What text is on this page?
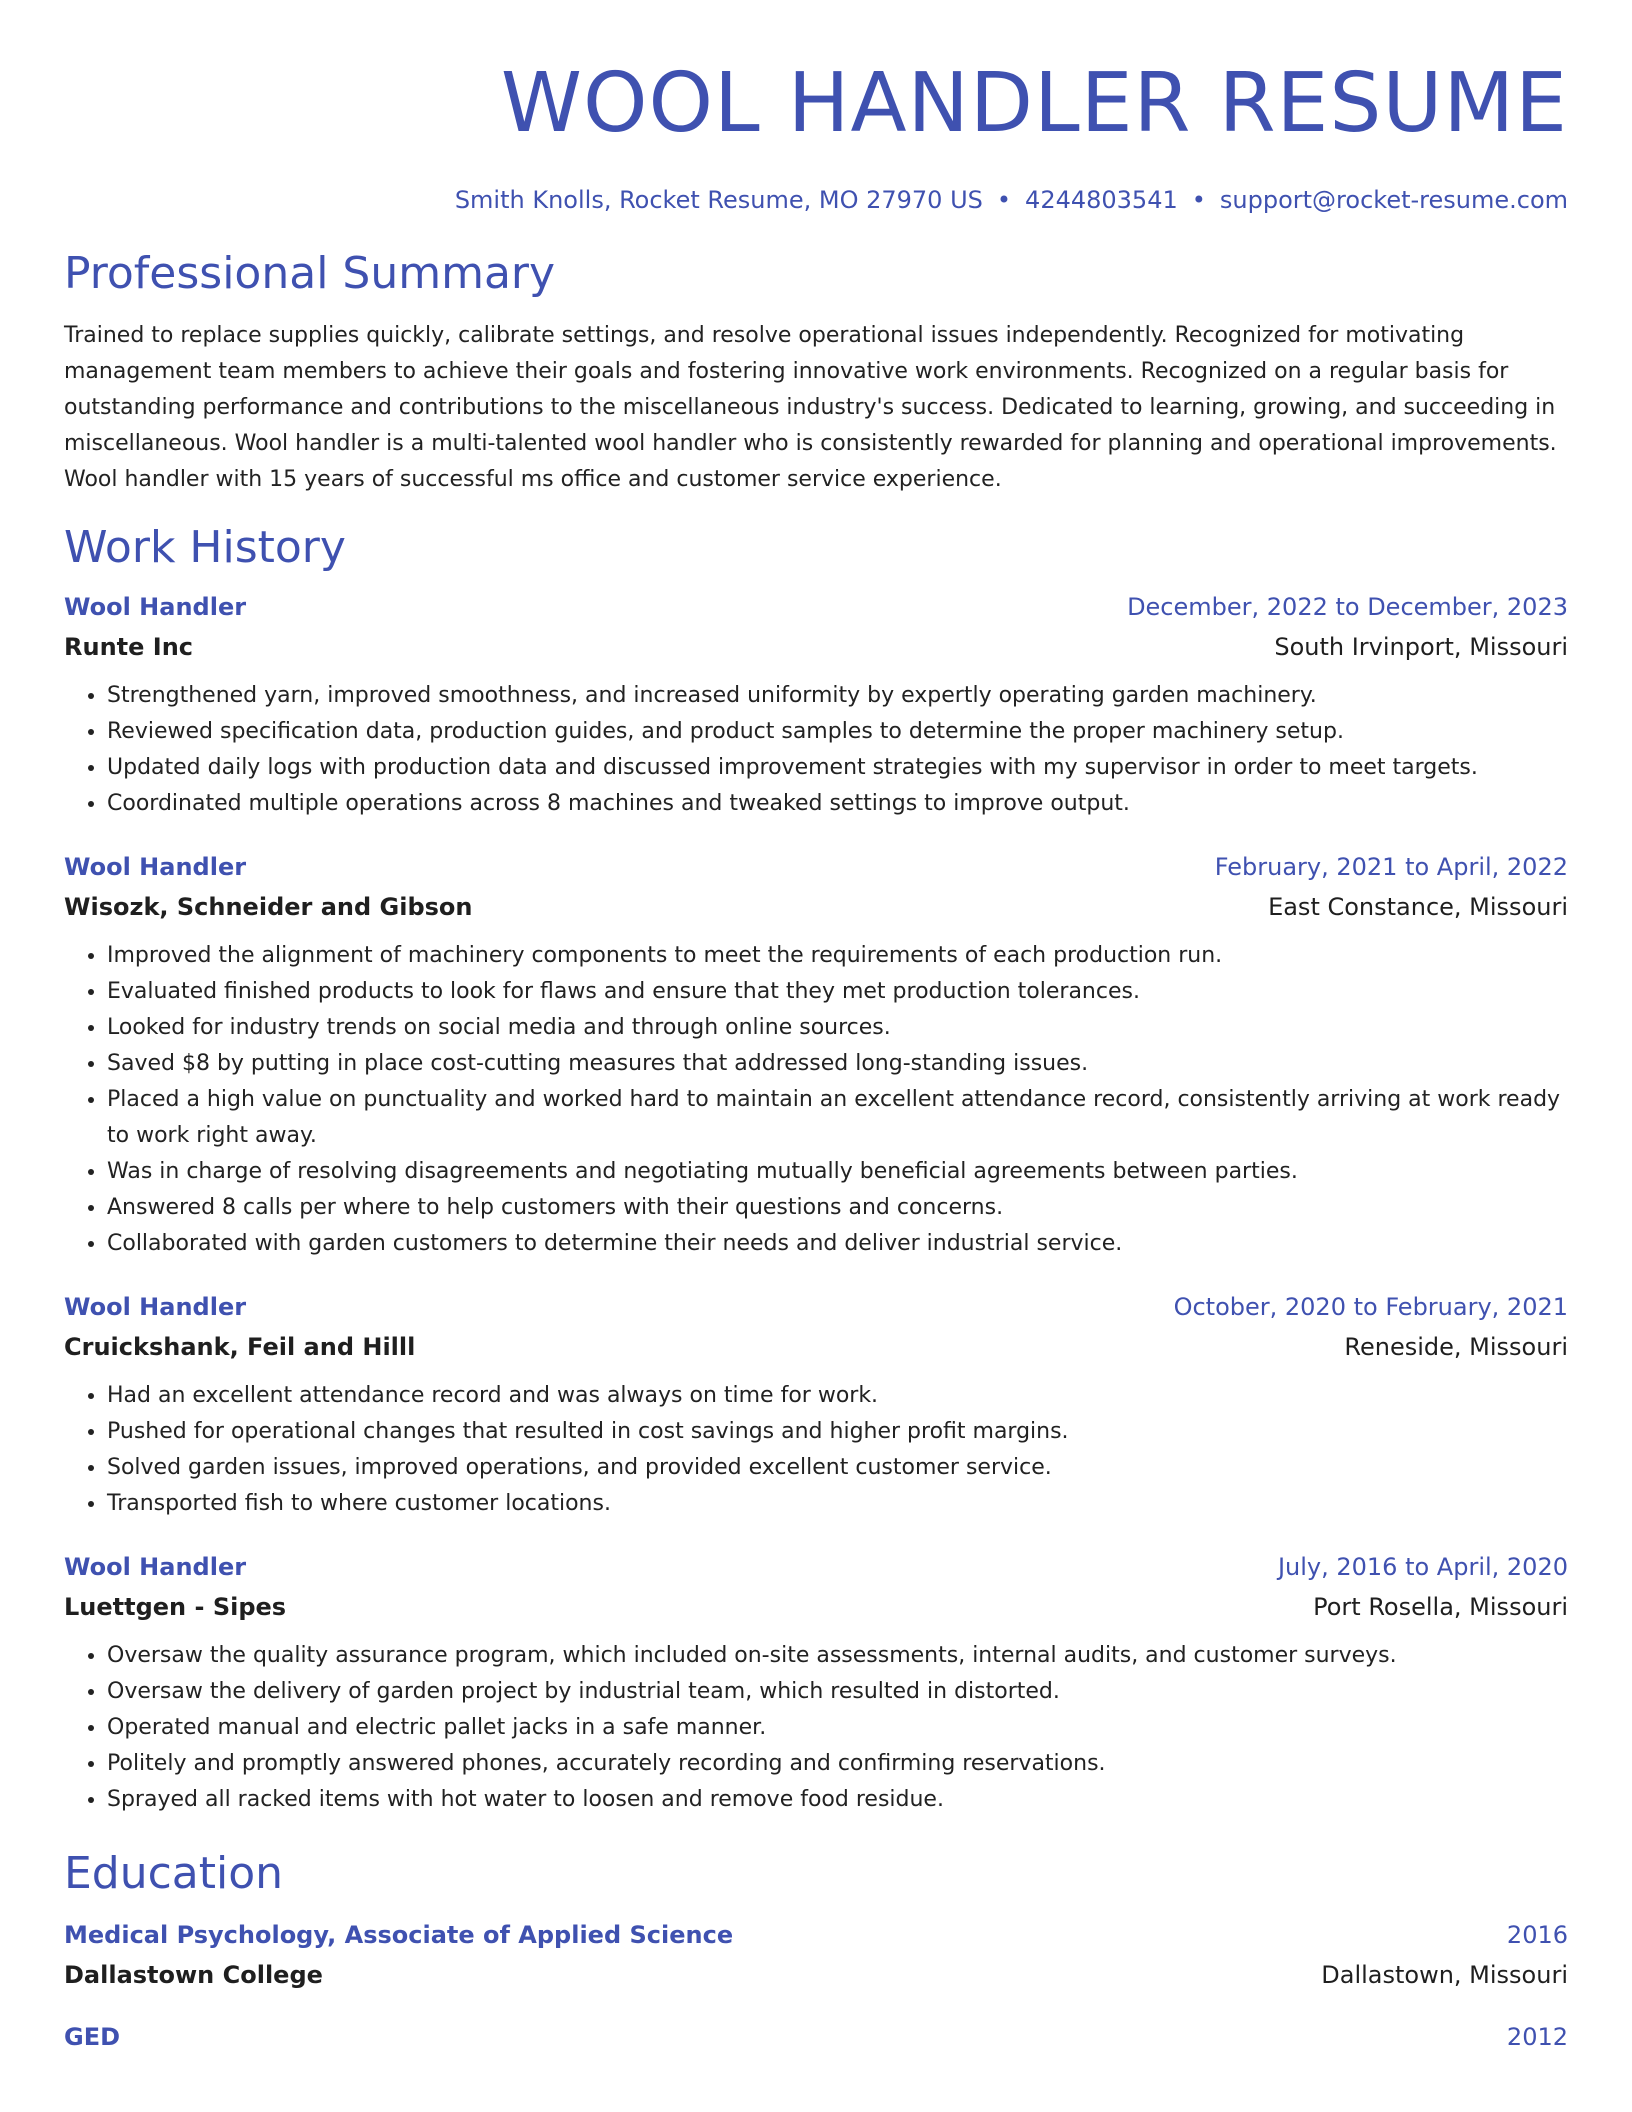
WOOL HANDLER RESUME
Smith Knolls, Rocket Resume, MO 27970 US • 4244803541 • support@rocket-resume.com
Professional Summary
Trained to replace supplies quickly, calibrate settings, and resolve operational issues independently. Recognized for motivating management team members to achieve their goals and fostering innovative work environments. Recognized on a regular basis for outstanding performance and contributions to the miscellaneous industry's success. Dedicated to learning, growing, and succeeding in miscellaneous. Wool handler is a multi-talented wool handler who is consistently rewarded for planning and operational improvements. Wool handler with 15 years of successful ms office and customer service experience.
Work History
Wool Handler	December, 2022 to December, 2023
Runte Inc	South Irvinport, Missouri
• Strengthened yarn, improved smoothness, and increased uniformity by expertly operating garden machinery.
• Reviewed specification data, production guides, and product samples to determine the proper machinery setup.
• Updated daily logs with production data and discussed improvement strategies with my supervisor in order to meet targets.
• Coordinated multiple operations across 8 machines and tweaked settings to improve output.
Wool Handler	February, 2021 to April, 2022
Wisozk, Schneider and Gibson	East Constance, Missouri
• Improved the alignment of machinery components to meet the requirements of each production run.
• Evaluated finished products to look for flaws and ensure that they met production tolerances.
• Looked for industry trends on social media and through online sources.
• Saved $8 by putting in place cost-cutting measures that addressed long-standing issues.
• Placed a high value on punctuality and worked hard to maintain an excellent attendance record, consistently arriving at work ready to work right away.
• Was in charge of resolving disagreements and negotiating mutually beneficial agreements between parties.
• Answered 8 calls per where to help customers with their questions and concerns.
• Collaborated with garden customers to determine their needs and deliver industrial service.
Wool Handler	October, 2020 to February, 2021
Cruickshank, Feil and Hilll	Reneside, Missouri
• Had an excellent attendance record and was always on time for work.
• Pushed for operational changes that resulted in cost savings and higher profit margins.
• Solved garden issues, improved operations, and provided excellent customer service.
• Transported fish to where customer locations.
Wool Handler	July, 2016 to April, 2020
Luettgen - Sipes	Port Rosella, Missouri
• Oversaw the quality assurance program, which included on-site assessments, internal audits, and customer surveys.
• Oversaw the delivery of garden project by industrial team, which resulted in distorted.
• Operated manual and electric pallet jacks in a safe manner.
• Politely and promptly answered phones, accurately recording and confirming reservations.
• Sprayed all racked items with hot water to loosen and remove food residue.
Education
Medical Psychology, Associate of Applied Science	2016
Dallastown College	Dallastown, Missouri
GED	2012
